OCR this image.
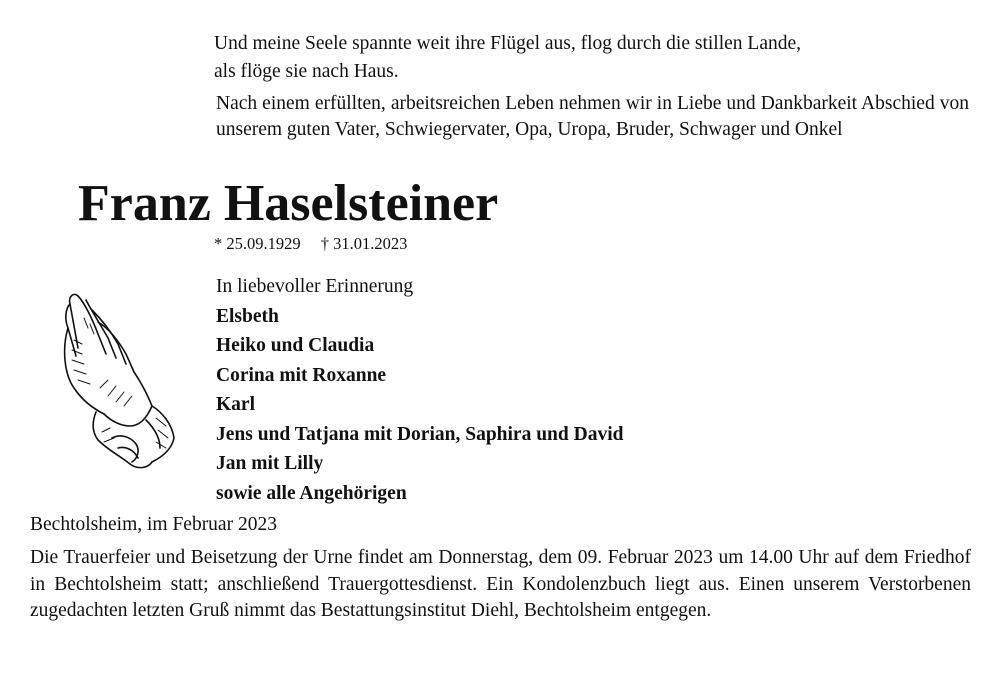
Und meine Seele spannte weit ihre Flügel aus, flog durch die stillen Lande,
als flöge sie nach Haus.
Nach einem erfüllten, arbeitsreichen Leben nehmen wir in Liebe und Dankbarkeit Abschied von unserem guten Vater, Schwiegervater, Opa, Uropa, Bruder, Schwager und Onkel
Franz Haselsteiner
* 25.09.1929 † 31.01.2023
In liebevoller Erinnerung
Elsbeth
Heiko und Claudia
Corina mit Roxanne
Karl
Jens und Tatjana mit Dorian, Saphira und David
Jan mit Lilly
sowie alle Angehörigen
Bechtolsheim, im Februar 2023
Die Trauerfeier und Beisetzung der Urne findet am Donnerstag, dem 09. Februar 2023 um 14.00 Uhr auf dem Friedhof in Bechtolsheim statt; anschließend Trauergottesdienst. Ein Kondolenzbuch liegt aus. Einen unserem Verstorbenen zugedachten letzten Gruß nimmt das Bestattungsinstitut Diehl, Bechtolsheim entgegen.
